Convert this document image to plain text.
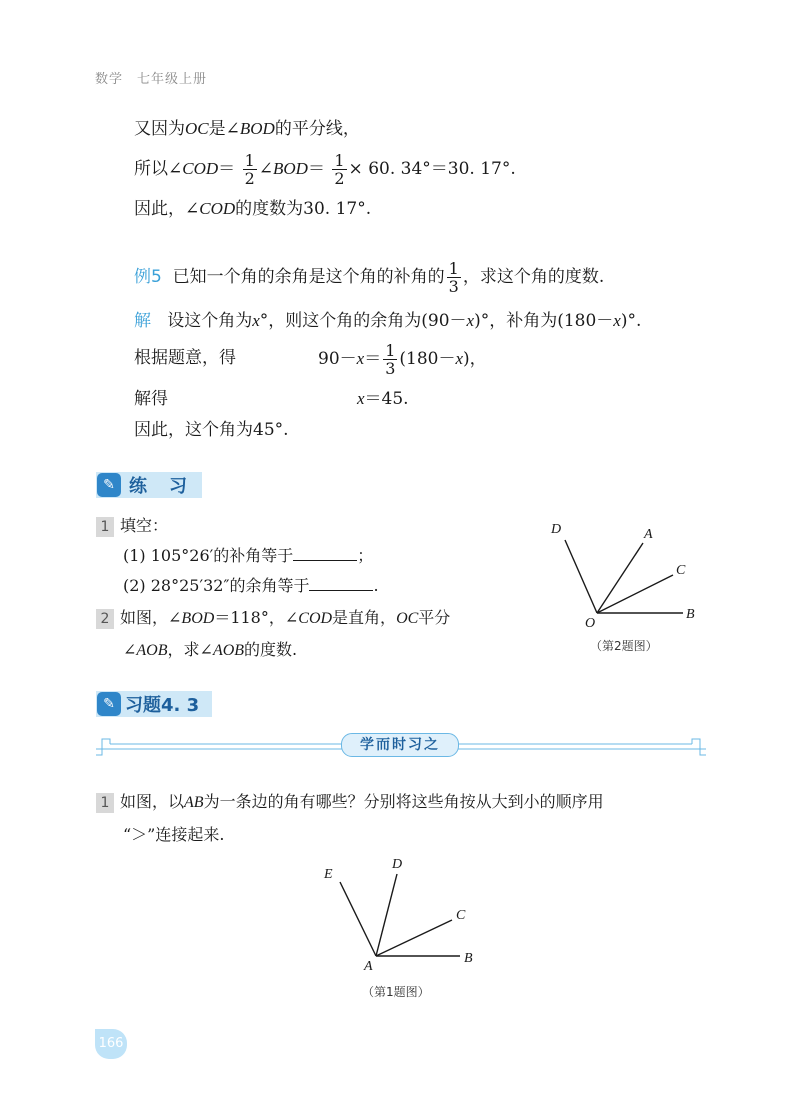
数学　七年级上册
又因为OC是∠BOD的平分线，
所以∠COD＝ $\frac{1}{2}$ ∠BOD＝ $\frac{1}{2} \times 60$. 34°＝30. 17°.
因此，∠COD的度数为30. 17°.
例5 已知一个角的余角是这个角的补角的 $\frac{1}{3}$ ，求这个角的度数.
解 设这个角为x°，则这个角的余角为(90－x)°，补角为(180－x)°.
根据题意，得	$90-x= \frac{1}{3} (180-x)$，
解得	x＝45.
因此，这个角为45°.
✎ 练　习
1 填空：
(1) 105°26′的补角等于	；
(2) 28°25′32″的余角等于	.
2 如图，∠BOD＝118°，∠COD是直角，OC平分
∠AOB，求∠AOB的度数.
D	A
C
B
O
（第2题图）
✎ 习题4. 3
学而时习之
1 如图，以AB为一条边的角有哪些？分别将这些角按从大到小的顺序用
“＞”连接起来.
E
D
C
B
A
（第1题图）
166
